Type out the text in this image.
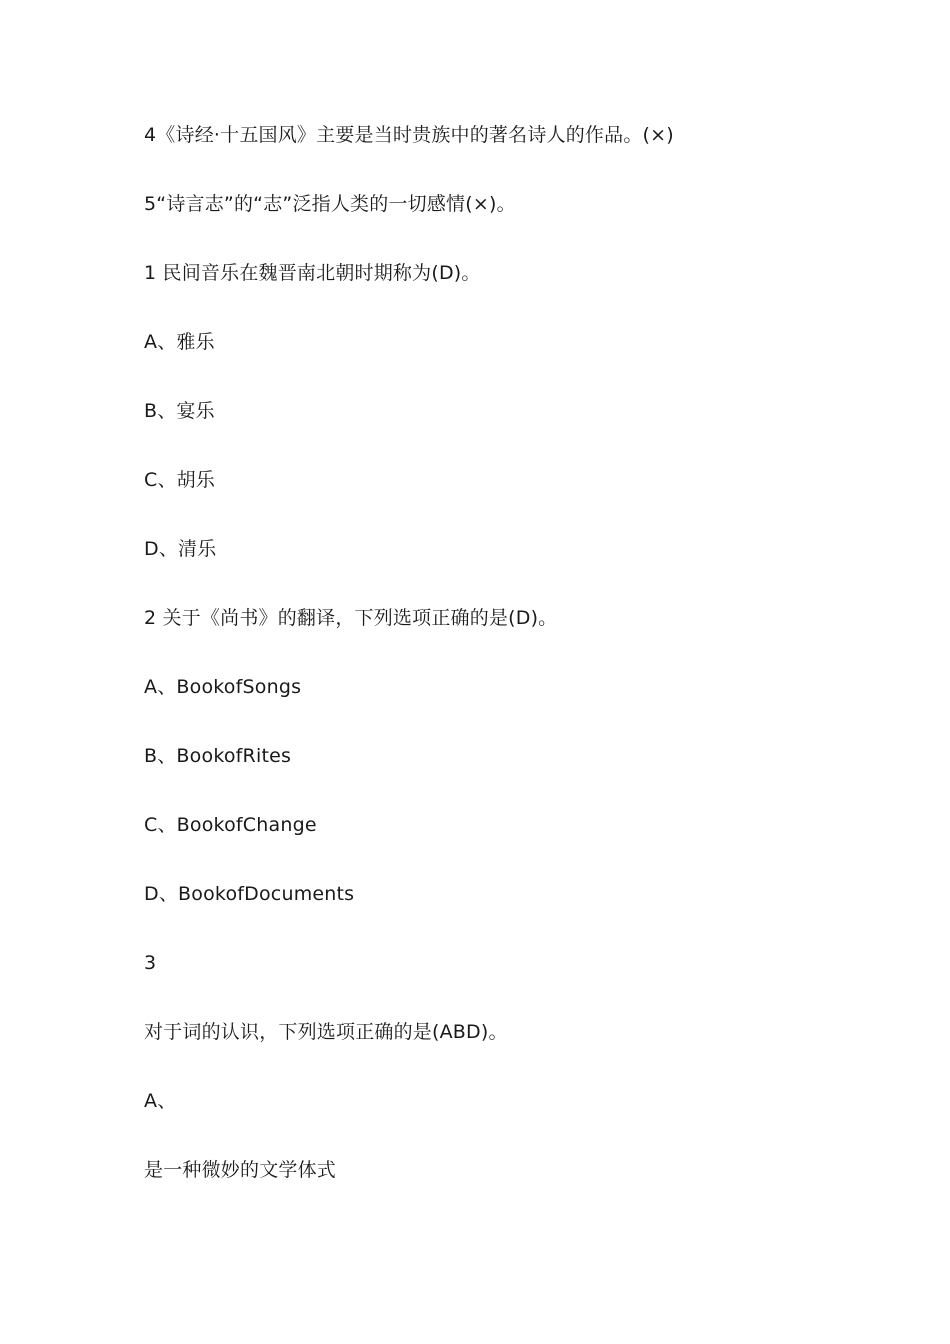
4《诗经·十五国风》主要是当时贵族中的著名诗人的作品。(×)
5“诗言志”的“志”泛指人类的一切感情(×)。
1 民间音乐在魏晋南北朝时期称为(D)。
A、雅乐
B、宴乐
C、胡乐
D、清乐
2 关于《尚书》的翻译，下列选项正确的是(D)。
A、BookofSongs
B、BookofRites
C、BookofChange
D、BookofDocuments
3
对于词的认识，下列选项正确的是(ABD)。
A、
是一种微妙的文学体式
